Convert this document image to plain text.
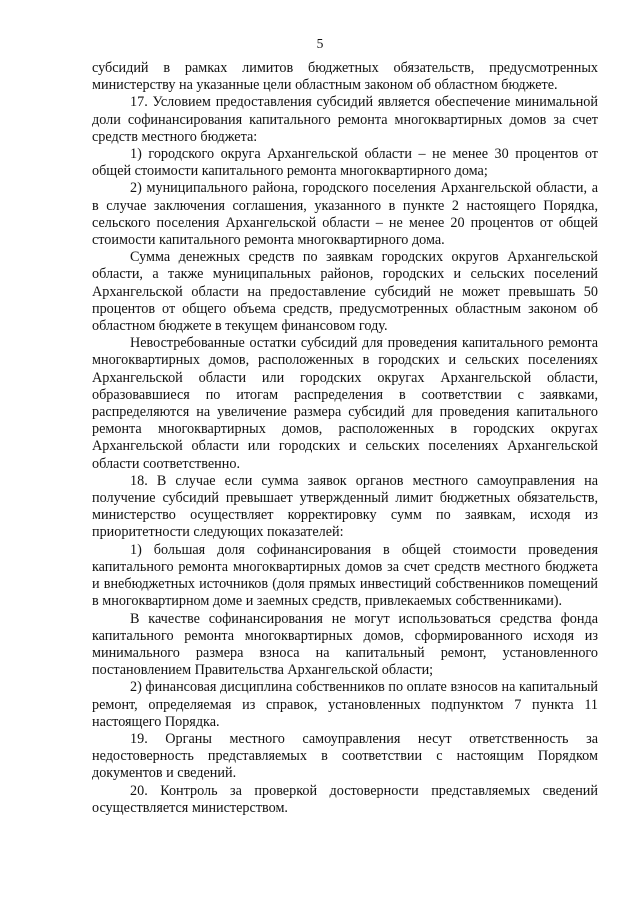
5

субсидий в рамках лимитов бюджетных обязательств, предусмотренных министерству на указанные цели областным законом об областном бюджете.

17. Условием предоставления субсидий является обеспечение минимальной доли софинансирования капитального ремонта многоквартирных домов за счет средств местного бюджета:

1) городского округа Архангельской области – не менее 30 процентов от общей стоимости капитального ремонта многоквартирного дома;

2) муниципального района, городского поселения Архангельской области, а в случае заключения соглашения, указанного в пункте 2 настоящего Порядка, сельского поселения Архангельской области – не менее 20 процентов от общей стоимости капитального ремонта многоквартирного дома.

Сумма денежных средств по заявкам городских округов Архангельской области, а также муниципальных районов, городских и сельских поселений Архангельской области на предоставление субсидий не может превышать 50 процентов от общего объема средств, предусмотренных областным законом об областном бюджете в текущем финансовом году.

Невостребованные остатки субсидий для проведения капитального ремонта многоквартирных домов, расположенных в городских и сельских поселениях Архангельской области или городских округах Архангельской области, образовавшиеся по итогам распределения в соответствии с заявками, распределяются на увеличение размера субсидий для проведения капитального ремонта многоквартирных домов, расположенных в городских округах Архангельской области или городских и сельских поселениях Архангельской области соответственно.

18. В случае если сумма заявок органов местного самоуправления на получение субсидий превышает утвержденный лимит бюджетных обязательств, министерство осуществляет корректировку сумм по заявкам, исходя из приоритетности следующих показателей:

1) большая доля софинансирования в общей стоимости проведения капитального ремонта многоквартирных домов за счет средств местного бюджета и внебюджетных источников (доля прямых инвестиций собственников помещений в многоквартирном доме и заемных средств, привлекаемых собственниками).

В качестве софинансирования не могут использоваться средства фонда капитального ремонта многоквартирных домов, сформированного исходя из минимального размера взноса на капитальный ремонт, установленного постановлением Правительства Архангельской области;

2) финансовая дисциплина собственников по оплате взносов на капитальный ремонт, определяемая из справок, установленных подпунктом 7 пункта 11 настоящего Порядка.

19. Органы местного самоуправления несут ответственность за недостоверность представляемых в соответствии с настоящим Порядком документов и сведений.

20. Контроль за проверкой достоверности представляемых сведений осуществляется министерством.
